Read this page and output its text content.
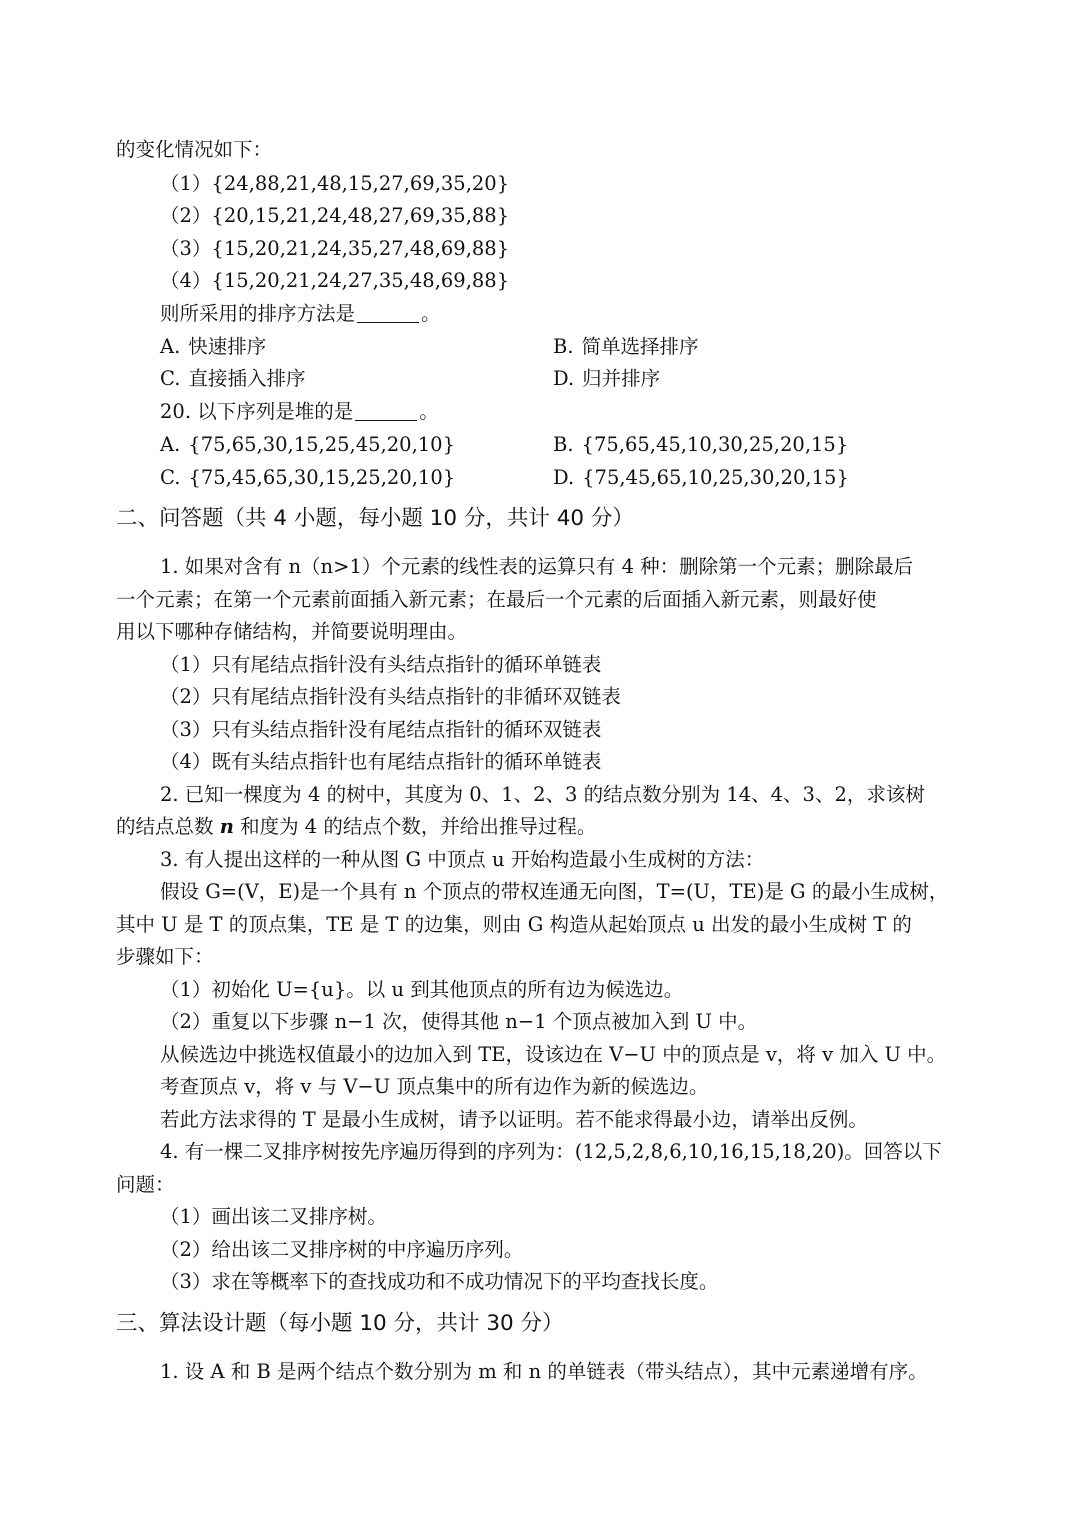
的变化情况如下：
（1）{24,88,21,48,15,27,69,35,20}
（2）{20,15,21,24,48,27,69,35,88}
（3）{15,20,21,24,35,27,48,69,88}
（4）{15,20,21,24,27,35,48,69,88}
则所采用的排序方法是	。
A. 快速排序	B. 简单选择排序
C. 直接插入排序	D. 归并排序
20. 以下序列是堆的是	。
A. {75,65,30,15,25,45,20,10}	B. {75,65,45,10,30,25,20,15}
C. {75,45,65,30,15,25,20,10}	D. {75,45,65,10,25,30,20,15}
二、问答题（共 4 小题，每小题 10 分，共计 40 分）
1. 如果对含有 n（n>1）个元素的线性表的运算只有 4 种：删除第一个元素；删除最后
一个元素；在第一个元素前面插入新元素；在最后一个元素的后面插入新元素，则最好使
用以下哪种存储结构，并简要说明理由。
（1）只有尾结点指针没有头结点指针的循环单链表
（2）只有尾结点指针没有头结点指针的非循环双链表
（3）只有头结点指针没有尾结点指针的循环双链表
（4）既有头结点指针也有尾结点指针的循环单链表
2. 已知一棵度为 4 的树中，其度为 0、1、2、3 的结点数分别为 14、4、3、2，求该树
的结点总数 n 和度为 4 的结点个数，并给出推导过程。
3. 有人提出这样的一种从图 G 中顶点 u 开始构造最小生成树的方法：
假设 G=(V，E)是一个具有 n 个顶点的带权连通无向图，T=(U，TE)是 G 的最小生成树，
其中 U 是 T 的顶点集，TE 是 T 的边集，则由 G 构造从起始顶点 u 出发的最小生成树 T 的
步骤如下：
（1）初始化 U={u}。以 u 到其他顶点的所有边为候选边。
（2）重复以下步骤 n−1 次，使得其他 n−1 个顶点被加入到 U 中。
从候选边中挑选权值最小的边加入到 TE，设该边在 V−U 中的顶点是 v，将 v 加入 U 中。
考查顶点 v，将 v 与 V−U 顶点集中的所有边作为新的候选边。
若此方法求得的 T 是最小生成树，请予以证明。若不能求得最小边，请举出反例。
4. 有一棵二叉排序树按先序遍历得到的序列为：(12,5,2,8,6,10,16,15,18,20)。回答以下
问题：
（1）画出该二叉排序树。
（2）给出该二叉排序树的中序遍历序列。
（3）求在等概率下的查找成功和不成功情况下的平均查找长度。
三、算法设计题（每小题 10 分，共计 30 分）
1. 设 A 和 B 是两个结点个数分别为 m 和 n 的单链表（带头结点），其中元素递增有序。
